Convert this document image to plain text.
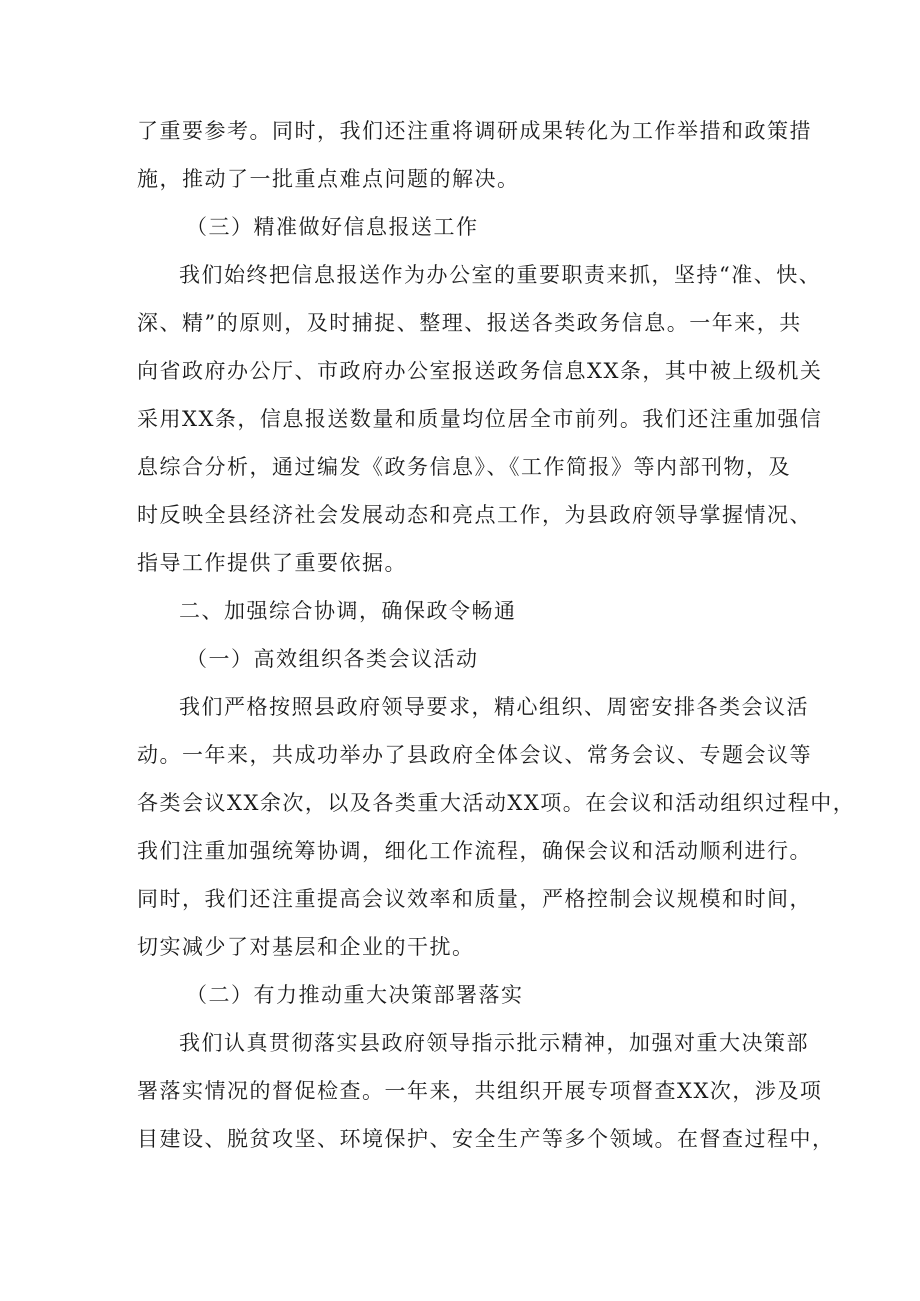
了重要参考。同时，我们还注重将调研成果转化为工作举措和政策措
施，推动了一批重点难点问题的解决。
（三）精准做好信息报送工作
我们始终把信息报送作为办公室的重要职责来抓，坚持“准、快、
深、精”的原则，及时捕捉、整理、报送各类政务信息。一年来，共
向省政府办公厅、市政府办公室报送政务信息XX条，其中被上级机关
采用XX条，信息报送数量和质量均位居全市前列。我们还注重加强信
息综合分析，通过编发《政务信息》、《工作简报》等内部刊物，及
时反映全县经济社会发展动态和亮点工作，为县政府领导掌握情况、
指导工作提供了重要依据。
二、加强综合协调，确保政令畅通
（一）高效组织各类会议活动
我们严格按照县政府领导要求，精心组织、周密安排各类会议活
动。一年来，共成功举办了县政府全体会议、常务会议、专题会议等
各类会议XX余次，以及各类重大活动XX项。在会议和活动组织过程中，
我们注重加强统筹协调，细化工作流程，确保会议和活动顺利进行。
同时，我们还注重提高会议效率和质量，严格控制会议规模和时间，
切实减少了对基层和企业的干扰。
（二）有力推动重大决策部署落实
我们认真贯彻落实县政府领导指示批示精神，加强对重大决策部
署落实情况的督促检查。一年来，共组织开展专项督查XX次，涉及项
目建设、脱贫攻坚、环境保护、安全生产等多个领域。在督查过程中，
